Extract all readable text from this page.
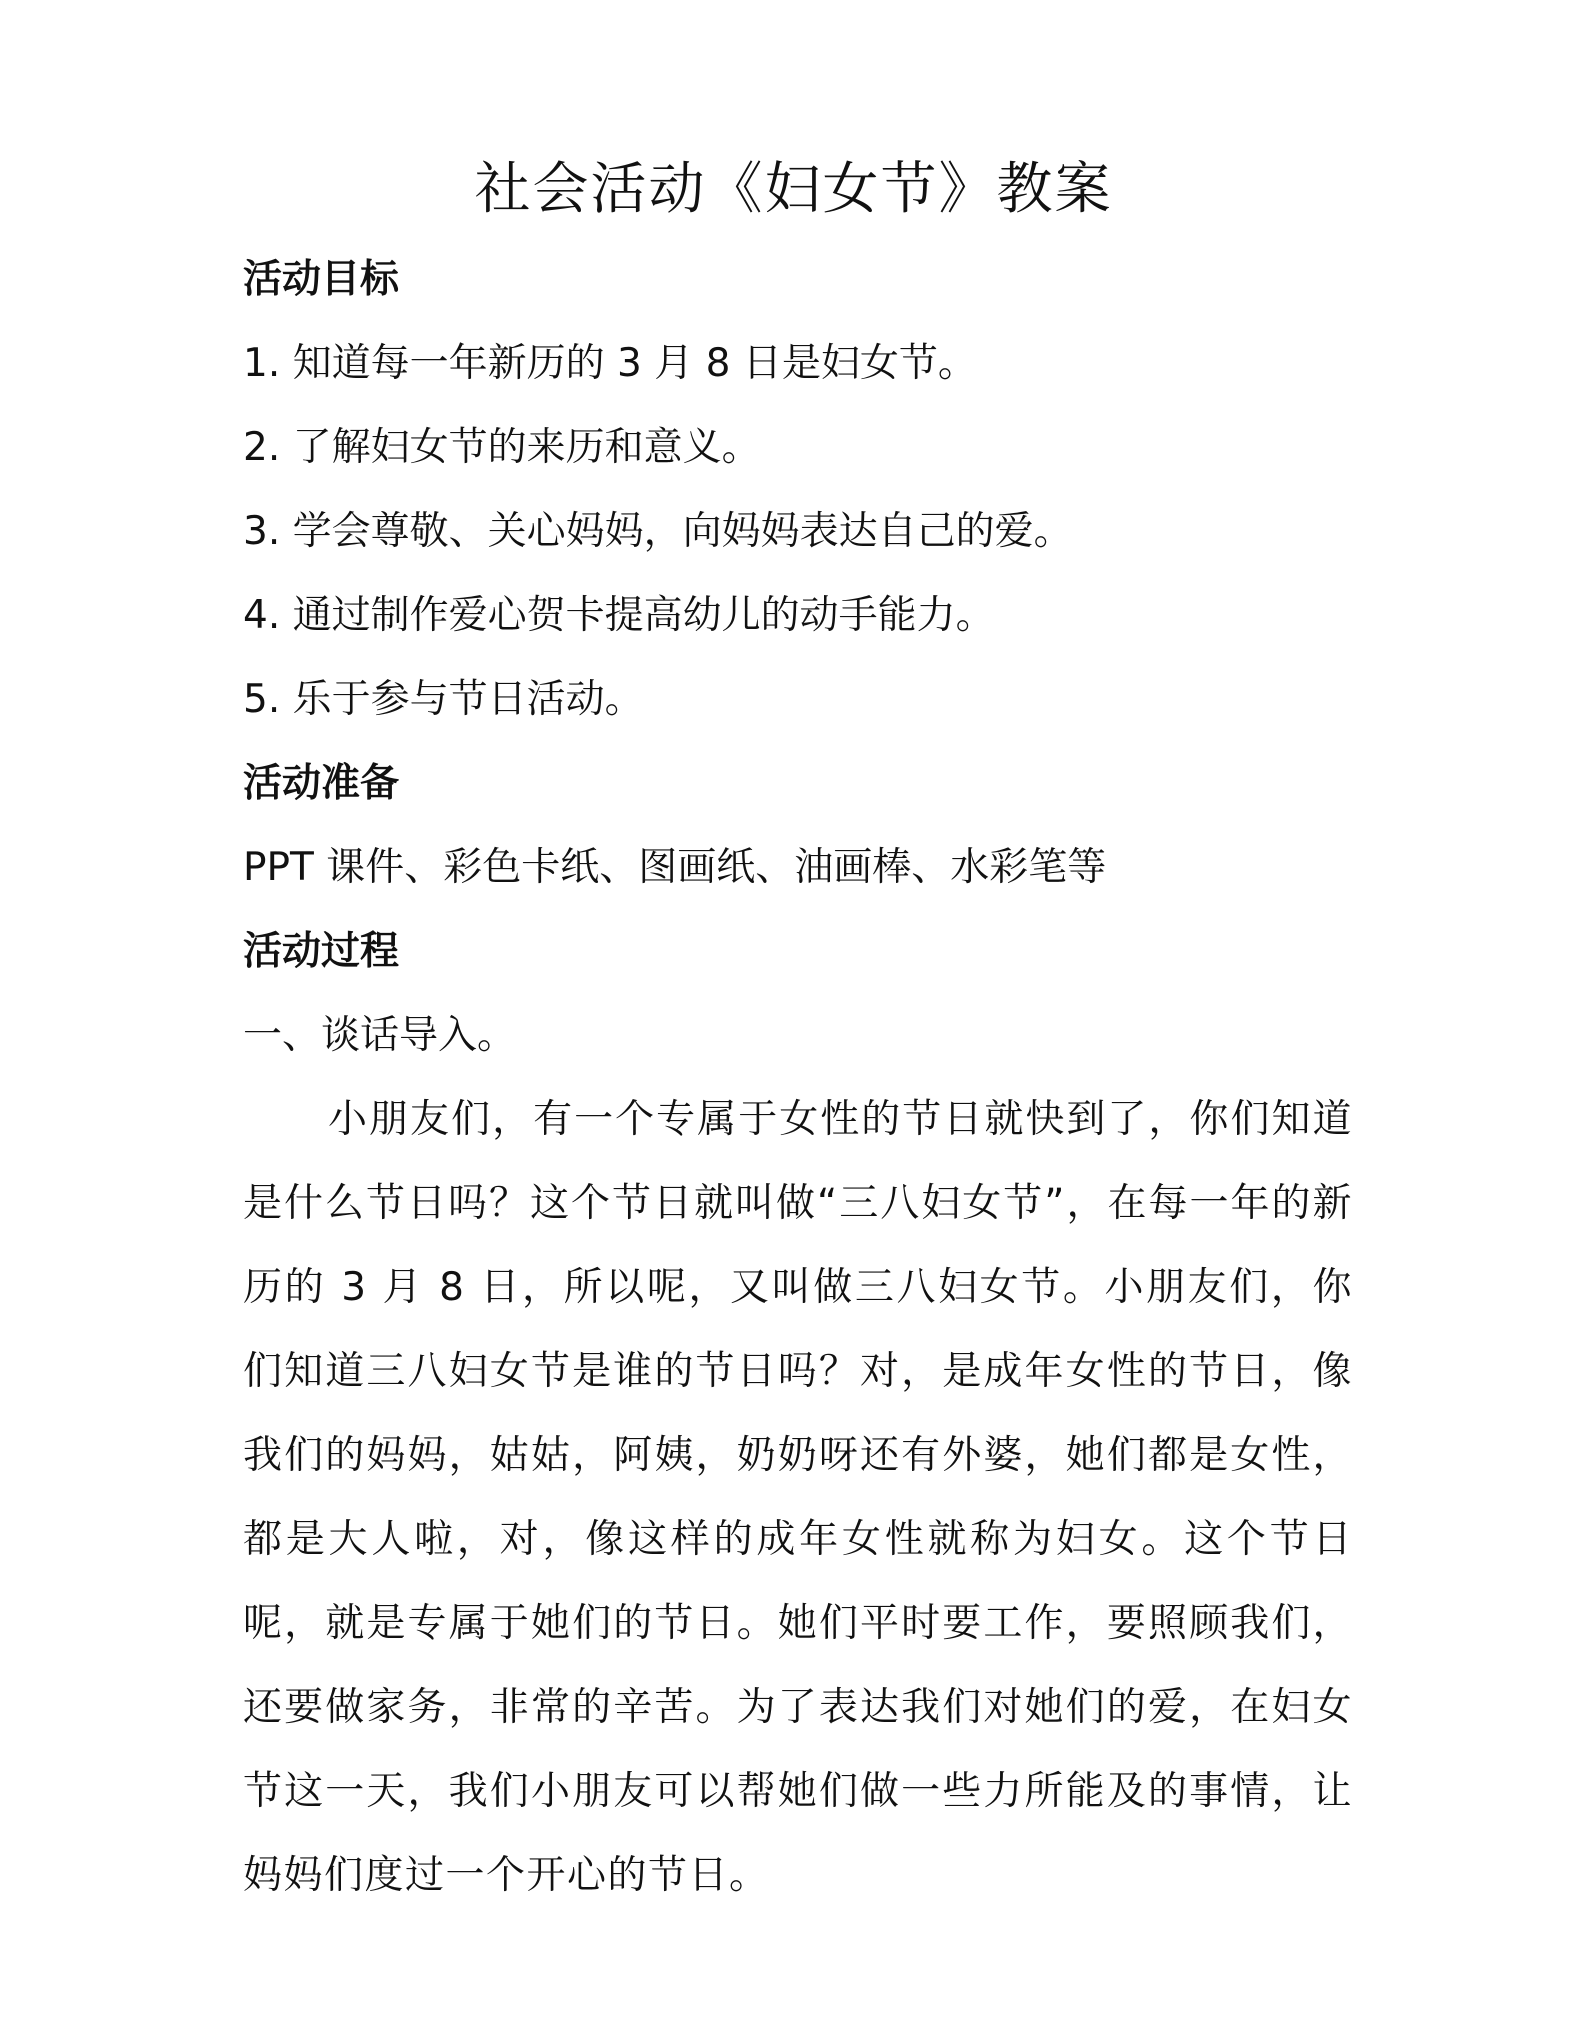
社会活动《妇女节》教案
活动目标
1. 知道每一年新历的 3 月 8 日是妇女节。
2. 了解妇女节的来历和意义。
3. 学会尊敬、关心妈妈，向妈妈表达自己的爱。
4. 通过制作爱心贺卡提高幼儿的动手能力。
5. 乐于参与节日活动。
活动准备
PPT 课件、彩色卡纸、图画纸、油画棒、水彩笔等
活动过程
一、谈话导入。
小朋友们，有一个专属于女性的节日就快到了，你们知道是什么节日吗？这个节日就叫做“三八妇女节”，在每一年的新历的 3 月 8 日，所以呢，又叫做三八妇女节。小朋友们，你们知道三八妇女节是谁的节日吗？对，是成年女性的节日，像我们的妈妈，姑姑，阿姨，奶奶呀还有外婆，她们都是女性，都是大人啦，对，像这样的成年女性就称为妇女。这个节日呢，就是专属于她们的节日。她们平时要工作，要照顾我们，还要做家务，非常的辛苦。为了表达我们对她们的爱，在妇女节这一天，我们小朋友可以帮她们做一些力所能及的事情，让妈妈们度过一个开心的节日。
